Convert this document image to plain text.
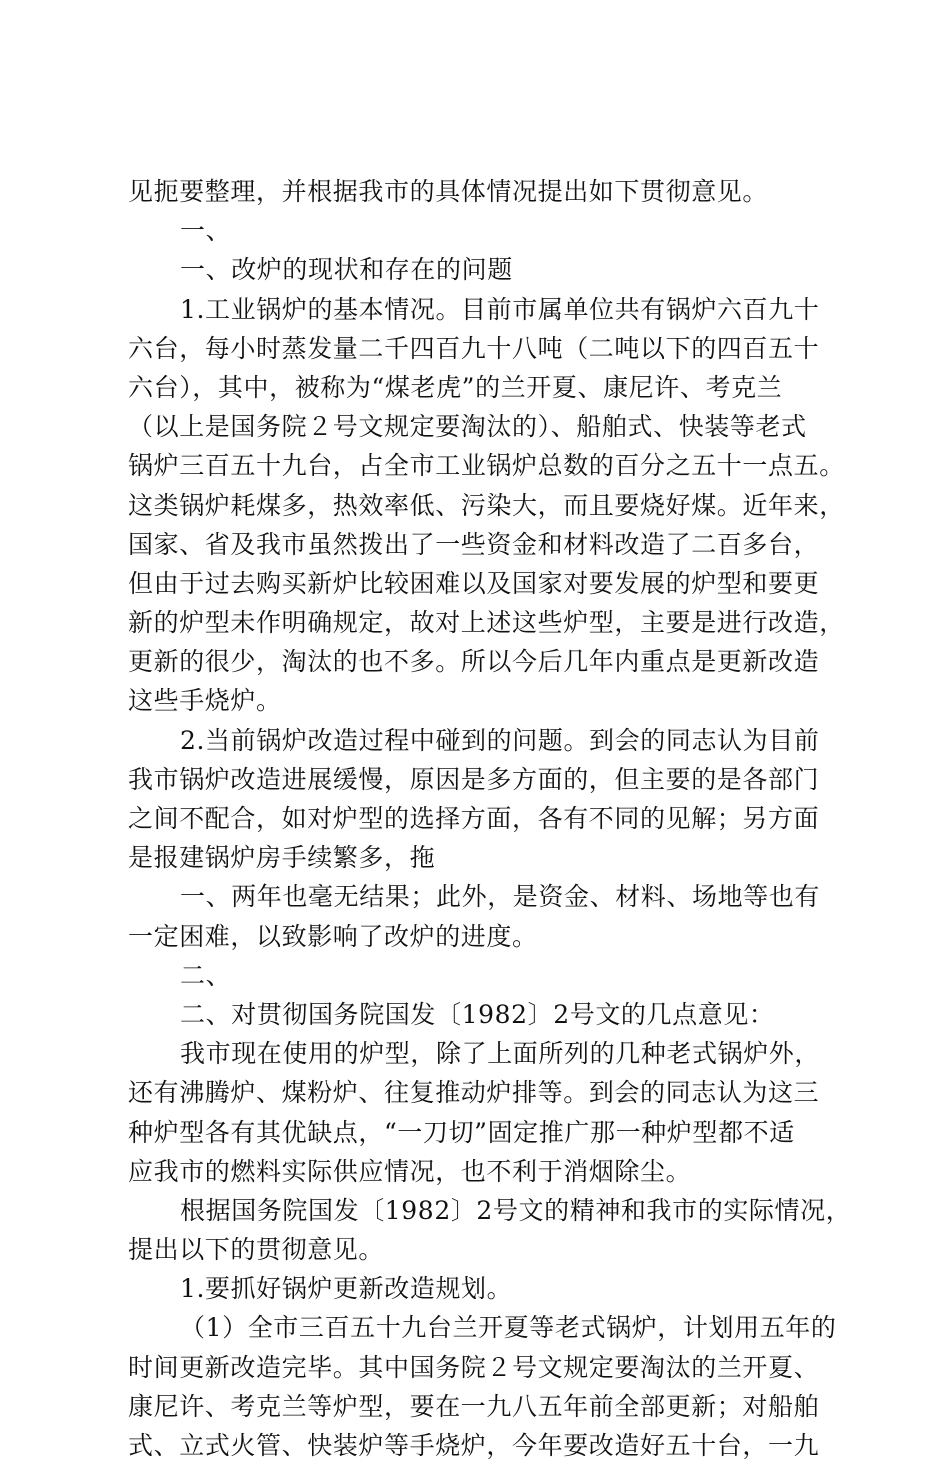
见扼要整理，并根据我市的具体情况提出如下贯彻意见。
一、
一、改炉的现状和存在的问题
1.工业锅炉的基本情况。目前市属单位共有锅炉六百九十
六台，每小时蒸发量二千四百九十八吨（二吨以下的四百五十
六台），其中，被称为“煤老虎”的兰开夏、康尼许、考克兰
（以上是国务院２号文规定要淘汰的）、船舶式、快装等老式
锅炉三百五十九台，占全市工业锅炉总数的百分之五十一点五。
这类锅炉耗煤多，热效率低、污染大，而且要烧好煤。近年来，
国家、省及我市虽然拨出了一些资金和材料改造了二百多台，
但由于过去购买新炉比较困难以及国家对要发展的炉型和要更
新的炉型未作明确规定，故对上述这些炉型，主要是进行改造，
更新的很少，淘汰的也不多。所以今后几年内重点是更新改造
这些手烧炉。
2.当前锅炉改造过程中碰到的问题。到会的同志认为目前
我市锅炉改造进展缓慢，原因是多方面的，但主要的是各部门
之间不配合，如对炉型的选择方面，各有不同的见解；另方面
是报建锅炉房手续繁多，拖
一、两年也毫无结果；此外，是资金、材料、场地等也有
一定困难，以致影响了改炉的进度。
二、
二、对贯彻国务院国发〔1982〕2号文的几点意见：
我市现在使用的炉型，除了上面所列的几种老式锅炉外，
还有沸腾炉、煤粉炉、往复推动炉排等。到会的同志认为这三
种炉型各有其优缺点，“一刀切”固定推广那一种炉型都不适
应我市的燃料实际供应情况，也不利于消烟除尘。
根据国务院国发〔1982〕2号文的精神和我市的实际情况，
提出以下的贯彻意见。
1.要抓好锅炉更新改造规划。
（1）全市三百五十九台兰开夏等老式锅炉，计划用五年的
时间更新改造完毕。其中国务院２号文规定要淘汰的兰开夏、
康尼许、考克兰等炉型，要在一九八五年前全部更新；对船舶
式、立式火管、快装炉等手烧炉，今年要改造好五十台，一九
